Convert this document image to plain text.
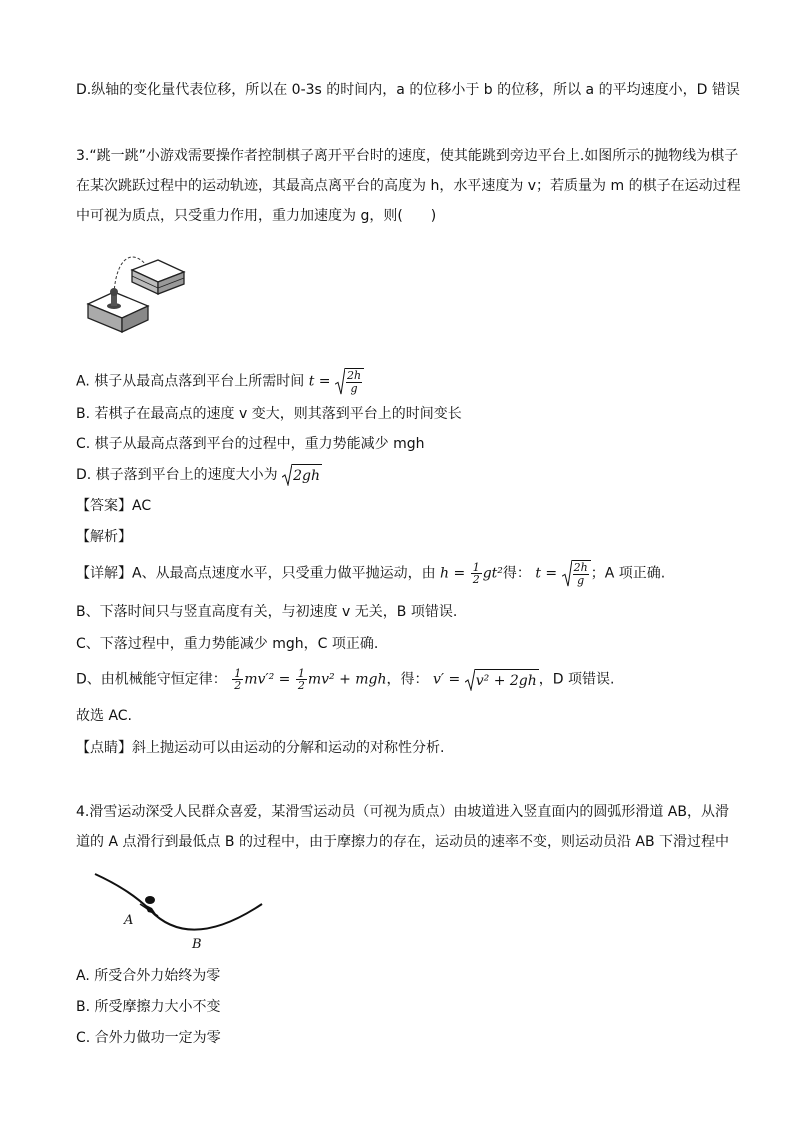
D.纵轴的变化量代表位移，所以在 0-3s 的时间内，a 的位移小于 b 的位移，所以 a 的平均速度小，D 错误
3.“跳一跳”小游戏需要操作者控制棋子离开平台时的速度，使其能跳到旁边平台上.如图所示的抛物线为棋子
在某次跳跃过程中的运动轨迹，其最高点离平台的高度为 h，水平速度为 v；若质量为 m 的棋子在运动过程
中可视为质点，只受重力作用，重力加速度为 g，则(　　)
A. 棋子从最高点落到平台上所需时间 $t = \frac{2h}{g}$
B. 若棋子在最高点的速度 v 变大，则其落到平台上的时间变长
C. 棋子从最高点落到平台的过程中，重力势能减少 mgh
D. 棋子落到平台上的速度大小为 2gh
【答案】AC
【解析】
【详解】A、从最高点速度水平，只受重力做平抛运动，由 $h = \frac{1}{2} gt^2$得： $t = \frac{2h}{g}$ ；A 项正确.
B、下落时间只与竖直高度有关，与初速度 v 无关，B 项错误.
C、下落过程中，重力势能减少 mgh，C 项正确.
D、由机械能守恒定律： $\frac{1}{2} mv'^2 = \frac{1}{2} mv^2$ + mgh，得： v′ = v² + 2gh ，D 项错误.
故选 AC.
【点睛】斜上抛运动可以由运动的分解和运动的对称性分析.
4.滑雪运动深受人民群众喜爱，某滑雪运动员（可视为质点）由坡道进入竖直面内的圆弧形滑道 AB，从滑
道的 A 点滑行到最低点 B 的过程中，由于摩擦力的存在，运动员的速率不变，则运动员沿 AB 下滑过程中
A
B
A. 所受合外力始终为零
B. 所受摩擦力大小不变
C. 合外力做功一定为零
